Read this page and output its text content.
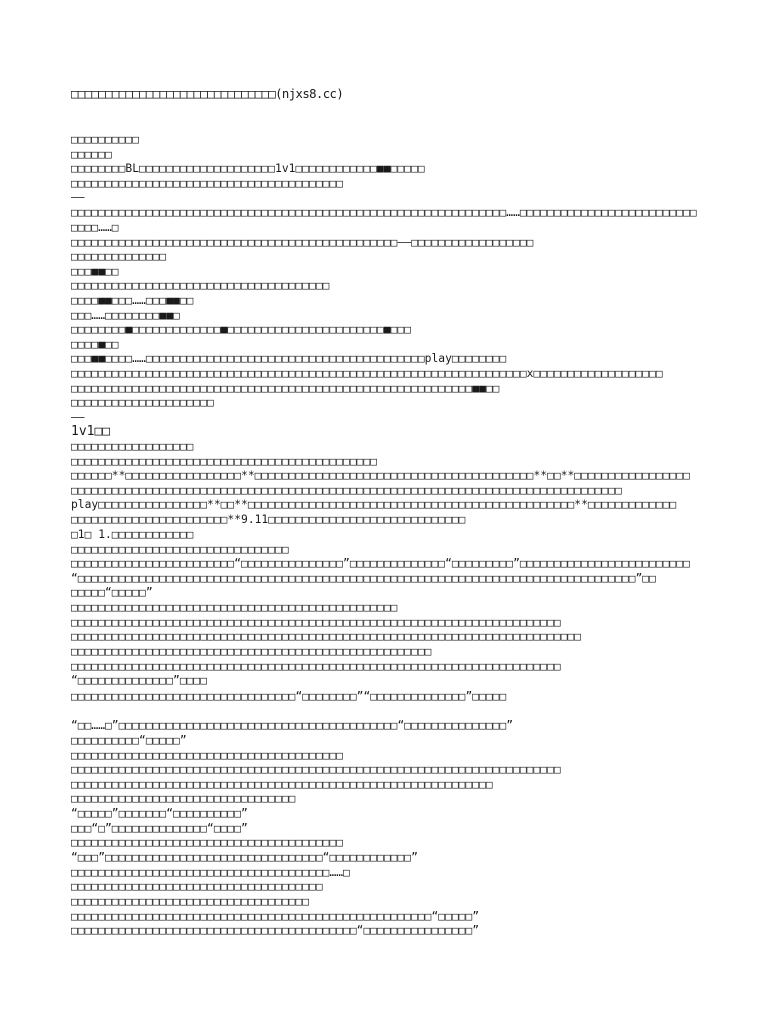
□□□□□□□□□□□□□□□□□□□□□□□□□□□□□□(njxs8.cc)
□□□□□□□□□□
□□□□□□
□□□□□□□□BL□□□□□□□□□□□□□□□□□□□□1v1□□□□□□□□□□□□■■□□□□□
□□□□□□□□□□□□□□□□□□□□□□□□□□□□□□□□□□□□□□□□
——
□□□□□□□□□□□□□□□□□□□□□□□□□□□□□□□□□□□□□□□□□□□□□□□□□□□□□□□□□□□□□□□□……□□□□□□□□□□□□□□□□□□□□□□□□□□
□□□□……□
□□□□□□□□□□□□□□□□□□□□□□□□□□□□□□□□□□□□□□□□□□□□□□□□——□□□□□□□□□□□□□□□□□□
□□□□□□□□□□□□□□
□□□■■□□
□□□□□□□□□□□□□□□□□□□□□□□□□□□□□□□□□□□□□□
□□□□■■□□□……□□□■■□□
□□□……□□□□□□□□■■□
□□□□□□□□■□□□□□□□□□□□□□■□□□□□□□□□□□□□□□□□□□□□□□■□□□
□□□□■□□
□□□■■□□□□……□□□□□□□□□□□□□□□□□□□□□□□□□□□□□□□□□□□□□□□□□play□□□□□□□□
□□□□□□□□□□□□□□□□□□□□□□□□□□□□□□□□□□□□□□□□□□□□□□□□□□□□□□□□□□□□□□□□□□□x□□□□□□□□□□□□□□□□□□□
□□□□□□□□□□□□□□□□□□□□□□□□□□□□□□□□□□□□□□□□□□□□□□□□□□□□□□□□□□□■■□□
□□□□□□□□□□□□□□□□□□□□□
——
1v1□□
□□□□□□□□□□□□□□□□□□
□□□□□□□□□□□□□□□□□□□□□□□□□□□□□□□□□□□□□□□□□□□□□
□□□□□□**□□□□□□□□□□□□□□□□□**□□□□□□□□□□□□□□□□□□□□□□□□□□□□□□□□□□□□□□□□□**□□**□□□□□□□□□□□□□□□□□
□□□□□□□□□□□□□□□□□□□□□□□□□□□□□□□□□□□□□□□□□□□□□□□□□□□□□□□□□□□□□□□□□□□□□□□□□□□□□□□□□
play□□□□□□□□□□□□□□□□**□□**□□□□□□□□□□□□□□□□□□□□□□□□□□□□□□□□□□□□□□□□□□□□□□□□**□□□□□□□□□□□□□
□□□□□□□□□□□□□□□□□□□□□□□**9.11□□□□□□□□□□□□□□□□□□□□□□□□□□□□□
□1□ 1.□□□□□□□□□□□□
□□□□□□□□□□□□□□□□□□□□□□□□□□□□□□□□
□□□□□□□□□□□□□□□□□□□□□□□□“□□□□□□□□□□□□□□□”□□□□□□□□□□□□□□“□□□□□□□□□”□□□□□□□□□□□□□□□□□□□□□□□□□
“□□□□□□□□□□□□□□□□□□□□□□□□□□□□□□□□□□□□□□□□□□□□□□□□□□□□□□□□□□□□□□□□□□□□□□□□□□□□□□□□□□”□□
□□□□□“□□□□□”
□□□□□□□□□□□□□□□□□□□□□□□□□□□□□□□□□□□□□□□□□□□□□□□□
□□□□□□□□□□□□□□□□□□□□□□□□□□□□□□□□□□□□□□□□□□□□□□□□□□□□□□□□□□□□□□□□□□□□□□□□
□□□□□□□□□□□□□□□□□□□□□□□□□□□□□□□□□□□□□□□□□□□□□□□□□□□□□□□□□□□□□□□□□□□□□□□□□□□
□□□□□□□□□□□□□□□□□□□□□□□□□□□□□□□□□□□□□□□□□□□□□□□□□□□□□
□□□□□□□□□□□□□□□□□□□□□□□□□□□□□□□□□□□□□□□□□□□□□□□□□□□□□□□□□□□□□□□□□□□□□□□□
“□□□□□□□□□□□□□□”□□□□
□□□□□□□□□□□□□□□□□□□□□□□□□□□□□□□□□“□□□□□□□□”“□□□□□□□□□□□□□□”□□□□□
“□□……□”□□□□□□□□□□□□□□□□□□□□□□□□□□□□□□□□□□□□□□□□□“□□□□□□□□□□□□□□□”
□□□□□□□□□□“□□□□□”
□□□□□□□□□□□□□□□□□□□□□□□□□□□□□□□□□□□□□□□□
□□□□□□□□□□□□□□□□□□□□□□□□□□□□□□□□□□□□□□□□□□□□□□□□□□□□□□□□□□□□□□□□□□□□□□□□
□□□□□□□□□□□□□□□□□□□□□□□□□□□□□□□□□□□□□□□□□□□□□□□□□□□□□□□□□□□□□□
□□□□□□□□□□□□□□□□□□□□□□□□□□□□□□□□□
“□□□□□”□□□□□□□“□□□□□□□□□□”
□□□“□”□□□□□□□□□□□□□□“□□□□”
□□□□□□□□□□□□□□□□□□□□□□□□□□□□□□□□□□□□□□□□
“□□□”□□□□□□□□□□□□□□□□□□□□□□□□□□□□□□□□“□□□□□□□□□□□□”
□□□□□□□□□□□□□□□□□□□□□□□□□□□□□□□□□□□□□□……□
□□□□□□□□□□□□□□□□□□□□□□□□□□□□□□□□□□□□□
□□□□□□□□□□□□□□□□□□□□□□□□□□□□□□□□□□□
□□□□□□□□□□□□□□□□□□□□□□□□□□□□□□□□□□□□□□□□□□□□□□□□□□□□□“□□□□□”
□□□□□□□□□□□□□□□□□□□□□□□□□□□□□□□□□□□□□□□□□□“□□□□□□□□□□□□□□□□”
